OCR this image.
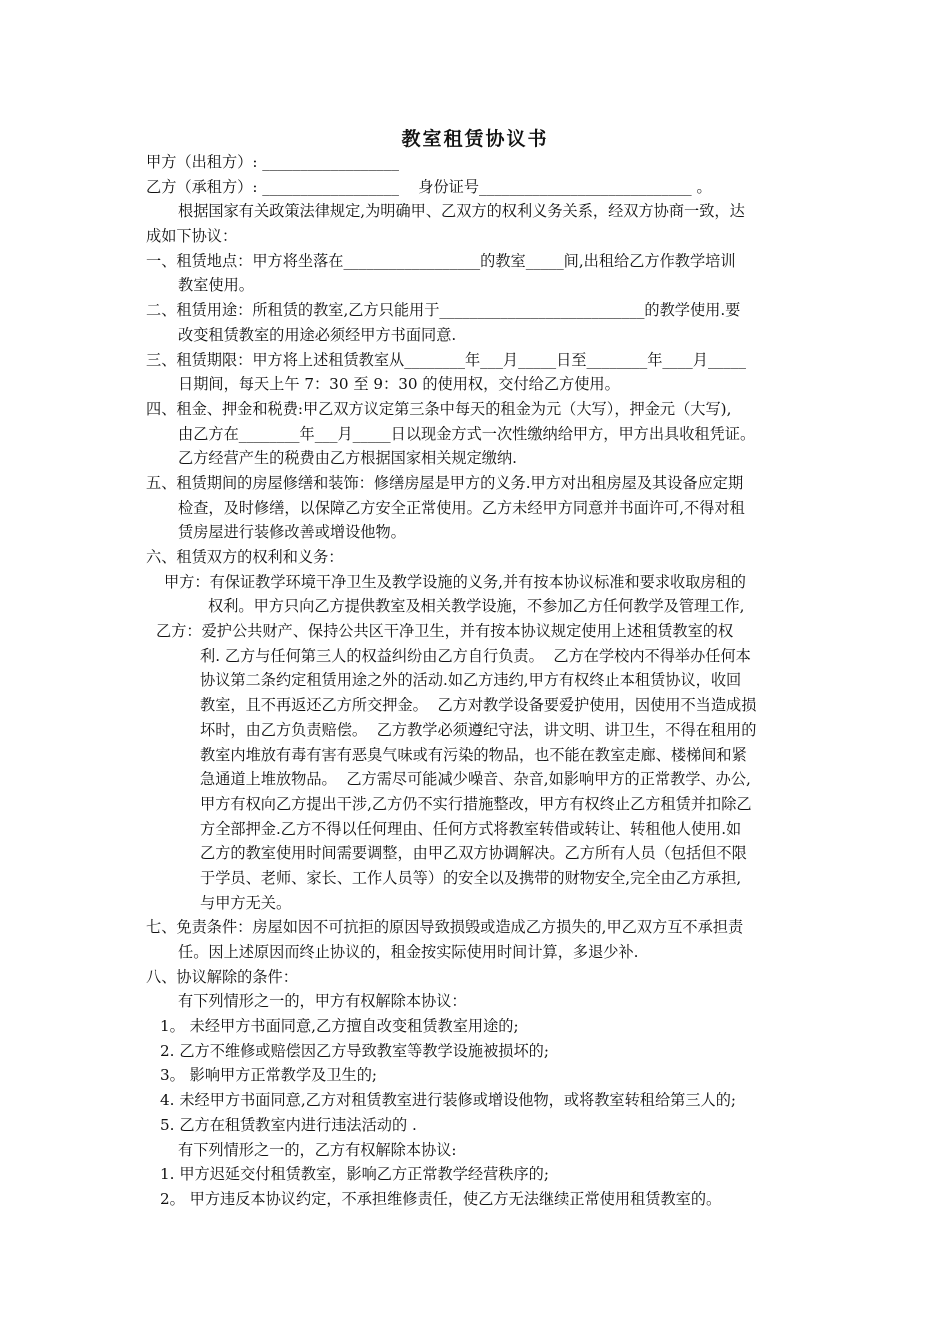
教室租赁协议书
甲方（出租方）: __________________
乙方（承租方）: __________________    身份证号____________________________ 。
根据国家有关政策法律规定,为明确甲、乙双方的权利义务关系，经双方协商一致，达
成如下协议：
一、租赁地点：甲方将坐落在__________________的教室_____间,出租给乙方作教学培训
教室使用。
二、租赁用途：所租赁的教室,乙方只能用于___________________________的教学使用.要
改变租赁教室的用途必须经甲方书面同意.
三、租赁期限：甲方将上述租赁教室从________年___月_____日至________年____月_____
日期间，每天上午 7：30 至 9：30 的使用权，交付给乙方使用。
四、租金、押金和税费:甲乙双方议定第三条中每天的租金为元（大写），押金元（大写),
由乙方在________年___月_____日以现金方式一次性缴纳给甲方，甲方出具收租凭证。
乙方经营产生的税费由乙方根据国家相关规定缴纳.
五、租赁期间的房屋修缮和装饰：修缮房屋是甲方的义务.甲方对出租房屋及其设备应定期
检查，及时修缮，以保障乙方安全正常使用。乙方未经甲方同意并书面许可,不得对租
赁房屋进行装修改善或增设他物。
六、租赁双方的权利和义务：
甲方：有保证教学环境干净卫生及教学设施的义务,并有按本协议标准和要求收取房租的
权利。甲方只向乙方提供教室及相关教学设施，不参加乙方任何教学及管理工作,
乙方：爱护公共财产、保持公共区干净卫生，并有按本协议规定使用上述租赁教室的权
利. 乙方与任何第三人的权益纠纷由乙方自行负责。  乙方在学校内不得举办任何本
协议第二条约定租赁用途之外的活动.如乙方违约,甲方有权终止本租赁协议，收回
教室，且不再返还乙方所交押金。  乙方对教学设备要爱护使用，因使用不当造成损
坏时，由乙方负责赔偿。  乙方教学必须遵纪守法，讲文明、讲卫生，不得在租用的
教室内堆放有毒有害有恶臭气味或有污染的物品，也不能在教室走廊、楼梯间和紧
急通道上堆放物品。  乙方需尽可能减少噪音、杂音,如影响甲方的正常教学、办公,
甲方有权向乙方提出干涉,乙方仍不实行措施整改，甲方有权终止乙方租赁并扣除乙
方全部押金.乙方不得以任何理由、任何方式将教室转借或转让、转租他人使用.如
乙方的教室使用时间需要调整，由甲乙双方协调解决。乙方所有人员（包括但不限
于学员、老师、家长、工作人员等）的安全以及携带的财物安全,完全由乙方承担,
与甲方无关。
七、免责条件：房屋如因不可抗拒的原因导致损毁或造成乙方损失的,甲乙双方互不承担责
任。因上述原因而终止协议的，租金按实际使用时间计算，多退少补.
八、协议解除的条件：
有下列情形之一的，甲方有权解除本协议：
1。 未经甲方书面同意,乙方擅自改变租赁教室用途的;
2. 乙方不维修或赔偿因乙方导致教室等教学设施被损坏的;
3。 影响甲方正常教学及卫生的;
4. 未经甲方书面同意,乙方对租赁教室进行装修或增设他物，或将教室转租给第三人的;
5. 乙方在租赁教室内进行违法活动的 .
有下列情形之一的，乙方有权解除本协议:
1. 甲方迟延交付租赁教室，影响乙方正常教学经营秩序的;
2。 甲方违反本协议约定，不承担维修责任，使乙方无法继续正常使用租赁教室的。
